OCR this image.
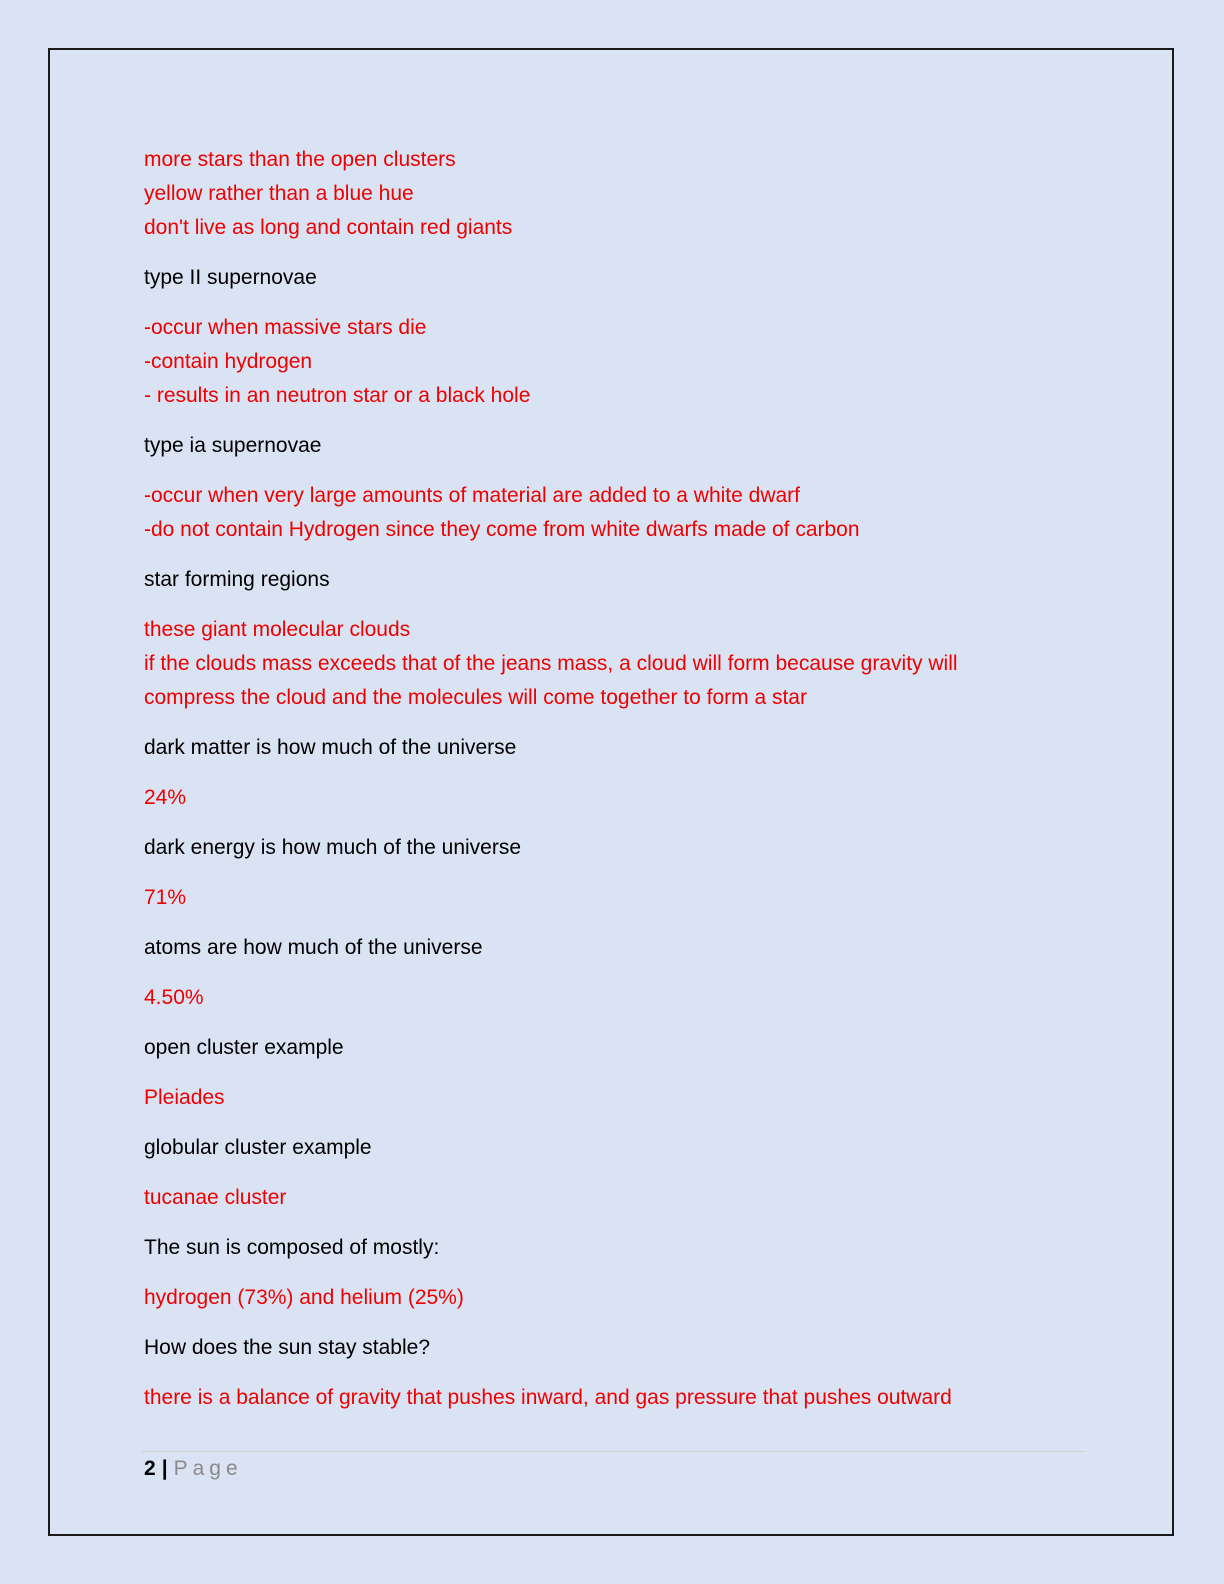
more stars than the open clusters
yellow rather than a blue hue
don't live as long and contain red giants
type II supernovae
-occur when massive stars die
-contain hydrogen
- results in an neutron star or a black hole
type ia supernovae
-occur when very large amounts of material are added to a white dwarf
-do not contain Hydrogen since they come from white dwarfs made of carbon
star forming regions
these giant molecular clouds
if the clouds mass exceeds that of the jeans mass, a cloud will form because gravity will
compress the cloud and the molecules will come together to form a star
dark matter is how much of the universe
24%
dark energy is how much of the universe
71%
atoms are how much of the universe
4.50%
open cluster example
Pleiades
globular cluster example
tucanae cluster
The sun is composed of mostly:
hydrogen (73%) and helium (25%)
How does the sun stay stable?
there is a balance of gravity that pushes inward, and gas pressure that pushes outward
2 | Page
